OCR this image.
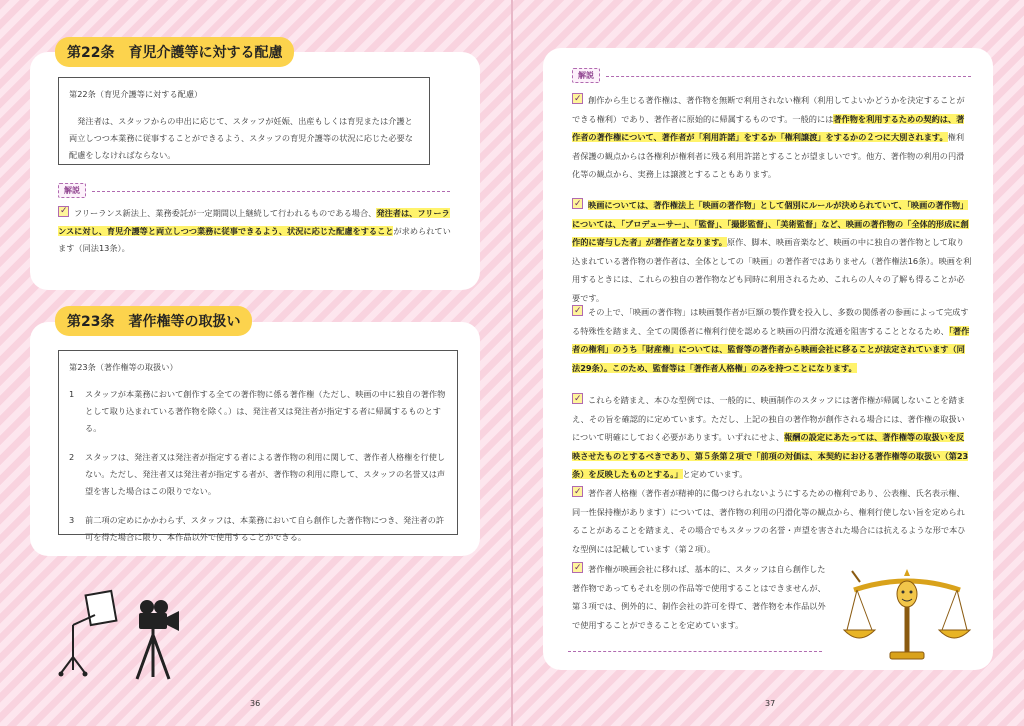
第22条　育児介護等に対する配慮
第22条（育児介護等に対する配慮）
発注者は、スタッフからの申出に応じて、スタッフが妊娠、出産もしくは育児または介護と両立しつつ本業務に従事することができるよう、スタッフの育児介護等の状況に応じた必要な配慮をしなければならない。
解説
✓フリーランス新法上、業務委託が一定期間以上継続して行われるものである場合、発注者は、フリーランスに対し、育児介護等と両立しつつ業務に従事できるよう、状況に応じた配慮をすることが求められています（同法13条）。
第23条　著作権等の取扱い
第23条（著作権等の取扱い）
1	スタッフが本業務において創作する全ての著作物に係る著作権（ただし、映画の中に独自の著作物として取り込まれている著作物を除く。）は、発注者又は発注者が指定する者に帰属するものとする。
2	スタッフは、発注者又は発注者が指定する者による著作物の利用に関して、著作者人格権を行使しない。ただし、発注者又は発注者が指定する者が、著作物の利用に際して、スタッフの名誉又は声望を害した場合はこの限りでない。
3	前二項の定めにかかわらず、スタッフは、本業務において自ら創作した著作物につき、発注者の許可を得た場合に限り、本作品以外で使用することができる。
36
解説
✓創作から生じる著作権は、著作物を無断で利用されない権利（利用してよいかどうかを決定することができる権利）であり、著作者に原始的に帰属するものです。一般的には著作物を利用するための契約は、著作者の著作権について、著作者が「利用許諾」をするか「権利譲渡」をするかの２つに大別されます。権利者保護の観点からは各権利が権利者に残る利用許諾とすることが望ましいです。他方、著作物の利用の円滑化等の観点から、実務上は譲渡とすることもあります。
✓映画については、著作権法上「映画の著作物」として個別にルールが決められていて、「映画の著作物」については、「プロデューサー」、「監督」、「撮影監督」、「美術監督」など、映画の著作物の「全体的形成に創作的に寄与した者」が著作者となります。原作、脚本、映画音楽など、映画の中に独自の著作物として取り込まれている著作物の著作者は、全体としての「映画」の著作者ではありません（著作権法16条）。映画を利用するときには、これらの独自の著作物なども同時に利用されるため、これらの人々の了解も得ることが必要です。
✓その上で、「映画の著作物」は映画製作者が巨額の製作費を投入し、多数の関係者の参画によって完成する特殊性を踏まえ、全ての関係者に権利行使を認めると映画の円滑な流通を阻害することとなるため、「著作者の権利」のうち「財産権」については、監督等の著作者から映画会社に移ることが法定されています（同法29条）。このため、監督等は「著作者人格権」のみを持つことになります。
✓これらを踏まえ、本ひな型例では、一般的に、映画制作のスタッフには著作権が帰属しないことを踏まえ、その旨を確認的に定めています。ただし、上記の独自の著作物が創作される場合には、著作権の取扱いについて明確にしておく必要があります。いずれにせよ、報酬の設定にあたっては、著作権等の取扱いを反映させたものとするべきであり、第５条第２項で「前項の対価は、本契約における著作権等の取扱い（第23条）を反映したものとする。」と定めています。
✓著作者人格権（著作者が精神的に傷つけられないようにするための権利であり、公表権、氏名表示権、同一性保持権があります）については、著作物の利用の円滑化等の観点から、権利行使しない旨を定められることがあることを踏まえ、その場合でもスタッフの名誉・声望を害された場合には抗えるような形で本ひな型例には記載しています（第２項）。
✓著作権が映画会社に移れば、基本的に、スタッフは自ら創作した著作物であってもそれを別の作品等で使用することはできませんが、第３項では、例外的に、制作会社の許可を得て、著作物を本作品以外で使用することができることを定めています。
37
